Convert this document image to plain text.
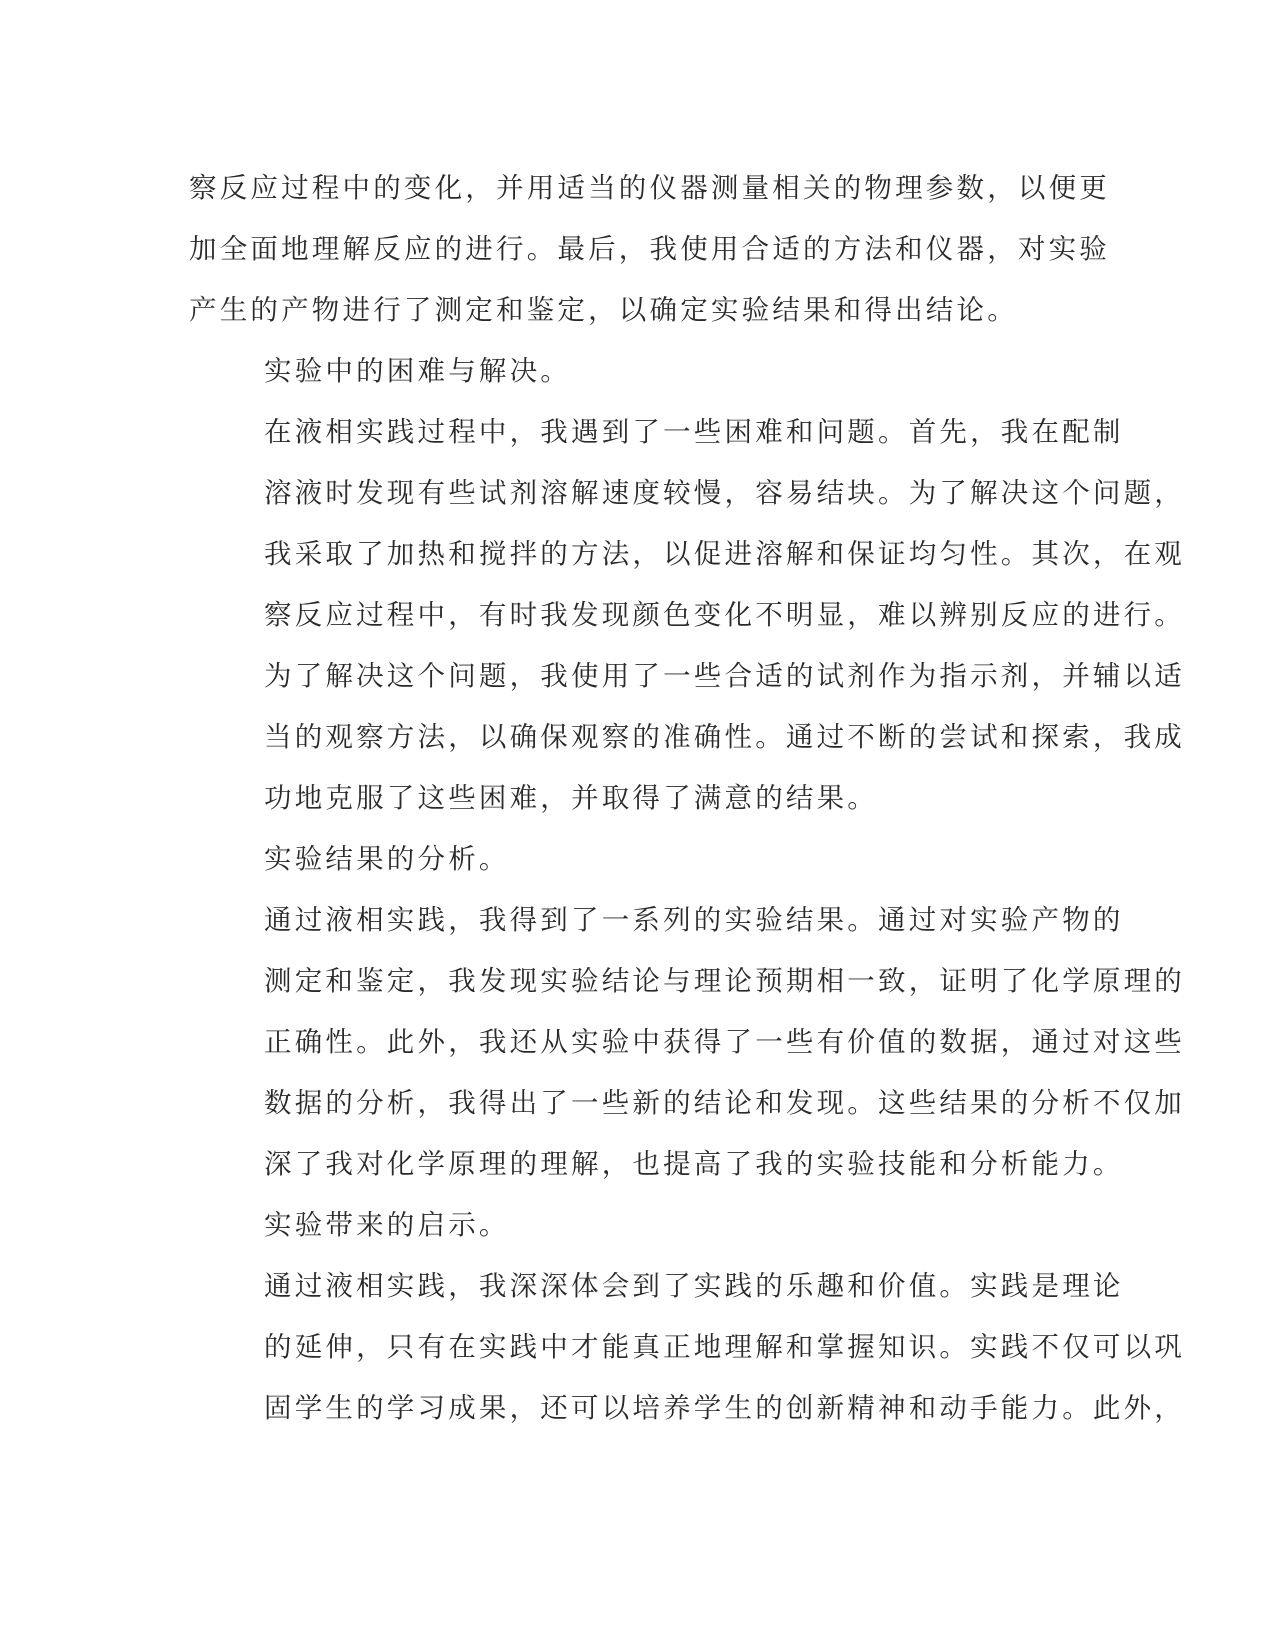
察反应过程中的变化，并用适当的仪器测量相关的物理参数，以便更
加全面地理解反应的进行。最后，我使用合适的方法和仪器，对实验
产生的产物进行了测定和鉴定，以确定实验结果和得出结论。

实验中的困难与解决。

在液相实践过程中，我遇到了一些困难和问题。首先，我在配制
溶液时发现有些试剂溶解速度较慢，容易结块。为了解决这个问题，
我采取了加热和搅拌的方法，以促进溶解和保证均匀性。其次，在观
察反应过程中，有时我发现颜色变化不明显，难以辨别反应的进行。
为了解决这个问题，我使用了一些合适的试剂作为指示剂，并辅以适
当的观察方法，以确保观察的准确性。通过不断的尝试和探索，我成
功地克服了这些困难，并取得了满意的结果。

实验结果的分析。

通过液相实践，我得到了一系列的实验结果。通过对实验产物的
测定和鉴定，我发现实验结论与理论预期相一致，证明了化学原理的
正确性。此外，我还从实验中获得了一些有价值的数据，通过对这些
数据的分析，我得出了一些新的结论和发现。这些结果的分析不仅加
深了我对化学原理的理解，也提高了我的实验技能和分析能力。

实验带来的启示。

通过液相实践，我深深体会到了实践的乐趣和价值。实践是理论
的延伸，只有在实践中才能真正地理解和掌握知识。实践不仅可以巩
固学生的学习成果，还可以培养学生的创新精神和动手能力。此外，
